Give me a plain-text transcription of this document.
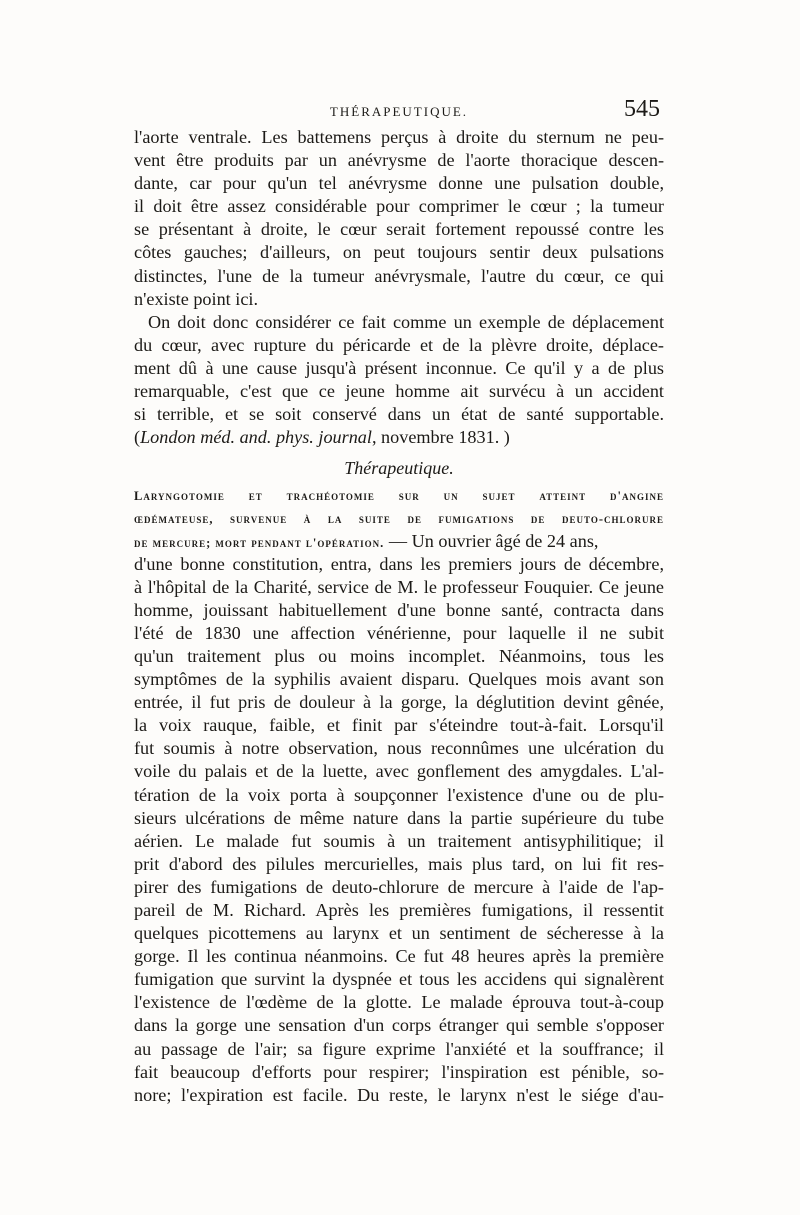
THÉRAPEUTIQUE.	545
l'aorte ventrale. Les battemens perçus à droite du sternum ne peu-
vent être produits par un anévrysme de l'aorte thoracique descen-
dante, car pour qu'un tel anévrysme donne une pulsation double,
il doit être assez considérable pour comprimer le cœur ; la tumeur
se présentant à droite, le cœur serait fortement repoussé contre les
côtes gauches; d'ailleurs, on peut toujours sentir deux pulsations
distinctes, l'une de la tumeur anévrysmale, l'autre du cœur, ce qui
n'existe point ici.
On doit donc considérer ce fait comme un exemple de déplacement
du cœur, avec rupture du péricarde et de la plèvre droite, déplace-
ment dû à une cause jusqu'à présent inconnue. Ce qu'il y a de plus
remarquable, c'est que ce jeune homme ait survécu à un accident
si terrible, et se soit conservé dans un état de santé supportable.
(London méd. and. phys. journal, novembre 1831. )
Thérapeutique.
Laryngotomie et trachéotomie sur un sujet atteint d'angine
œdémateuse, survenue à la suite de fumigations de deuto-chlorure
de mercure; mort pendant l'opération. — Un ouvrier âgé de 24 ans,
d'une bonne constitution, entra, dans les premiers jours de décembre,
à l'hôpital de la Charité, service de M. le professeur Fouquier. Ce jeune
homme, jouissant habituellement d'une bonne santé, contracta dans
l'été de 1830 une affection vénérienne, pour laquelle il ne subit
qu'un traitement plus ou moins incomplet. Néanmoins, tous les
symptômes de la syphilis avaient disparu. Quelques mois avant son
entrée, il fut pris de douleur à la gorge, la déglutition devint gênée,
la voix rauque, faible, et finit par s'éteindre tout-à-fait. Lorsqu'il
fut soumis à notre observation, nous reconnûmes une ulcération du
voile du palais et de la luette, avec gonflement des amygdales. L'al-
tération de la voix porta à soupçonner l'existence d'une ou de plu-
sieurs ulcérations de même nature dans la partie supérieure du tube
aérien. Le malade fut soumis à un traitement antisyphilitique; il
prit d'abord des pilules mercurielles, mais plus tard, on lui fit res-
pirer des fumigations de deuto-chlorure de mercure à l'aide de l'ap-
pareil de M. Richard. Après les premières fumigations, il ressentit
quelques picottemens au larynx et un sentiment de sécheresse à la
gorge. Il les continua néanmoins. Ce fut 48 heures après la première
fumigation que survint la dyspnée et tous les accidens qui signalèrent
l'existence de l'œdème de la glotte. Le malade éprouva tout-à-coup
dans la gorge une sensation d'un corps étranger qui semble s'opposer
au passage de l'air; sa figure exprime l'anxiété et la souffrance; il
fait beaucoup d'efforts pour respirer; l'inspiration est pénible, so-
nore; l'expiration est facile. Du reste, le larynx n'est le siége d'au-
